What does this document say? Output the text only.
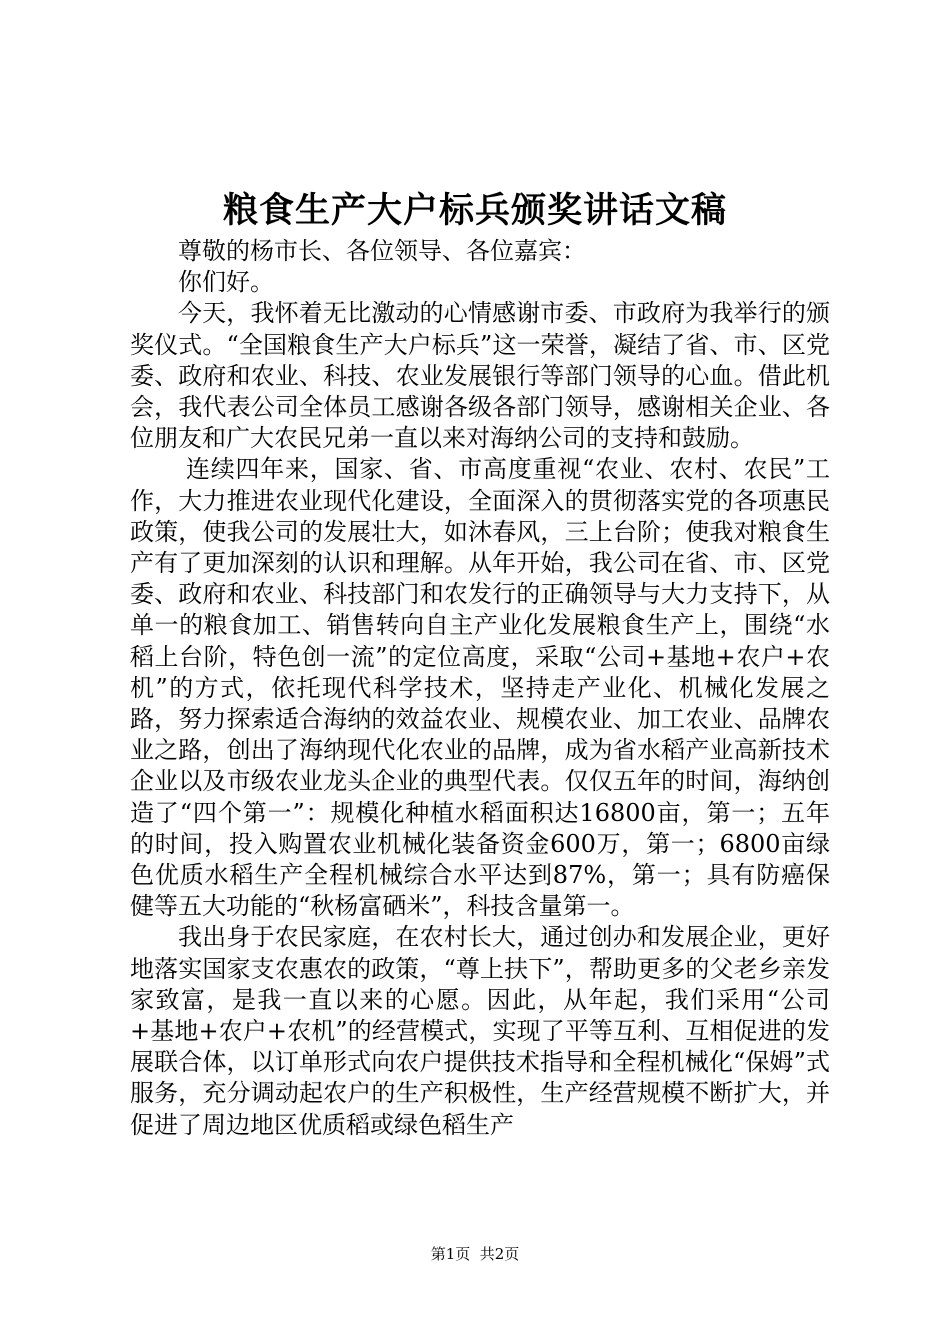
粮食生产大户标兵颁奖讲话文稿

尊敬的杨市长、各位领导、各位嘉宾：

你们好。

今天，我怀着无比激动的心情感谢市委、市政府为我举行的颁奖仪式。“全国粮食生产大户标兵”这一荣誉，凝结了省、市、区党委、政府和农业、科技、农业发展银行等部门领导的心血。借此机会，我代表公司全体员工感谢各级各部门领导，感谢相关企业、各位朋友和广大农民兄弟一直以来对海纳公司的支持和鼓励。

连续四年来，国家、省、市高度重视“农业、农村、农民”工作，大力推进农业现代化建设，全面深入的贯彻落实党的各项惠民政策，使我公司的发展壮大，如沐春风，三上台阶；使我对粮食生产有了更加深刻的认识和理解。从年开始，我公司在省、市、区党委、政府和农业、科技部门和农发行的正确领导与大力支持下，从单一的粮食加工、销售转向自主产业化发展粮食生产上，围绕“水稻上台阶，特色创一流”的定位高度，采取“公司+基地+农户+农机”的方式，依托现代科学技术，坚持走产业化、机械化发展之路，努力探索适合海纳的效益农业、规模农业、加工农业、品牌农业之路，创出了海纳现代化农业的品牌，成为省水稻产业高新技术企业以及市级农业龙头企业的典型代表。仅仅五年的时间，海纳创造了“四个第一”：规模化种植水稻面积达16800亩，第一；五年的时间，投入购置农业机械化装备资金600万，第一；6800亩绿色优质水稻生产全程机械综合水平达到87%，第一；具有防癌保健等五大功能的“秋杨富硒米”，科技含量第一。

我出身于农民家庭，在农村长大，通过创办和发展企业，更好地落实国家支农惠农的政策，“尊上扶下”，帮助更多的父老乡亲发家致富，是我一直以来的心愿。因此，从年起，我们采用“公司+基地+农户+农机”的经营模式，实现了平等互利、互相促进的发展联合体，以订单形式向农户提供技术指导和全程机械化“保姆”式服务，充分调动起农户的生产积极性，生产经营规模不断扩大，并促进了周边地区优质稻或绿色稻生产

第1页  共2页
